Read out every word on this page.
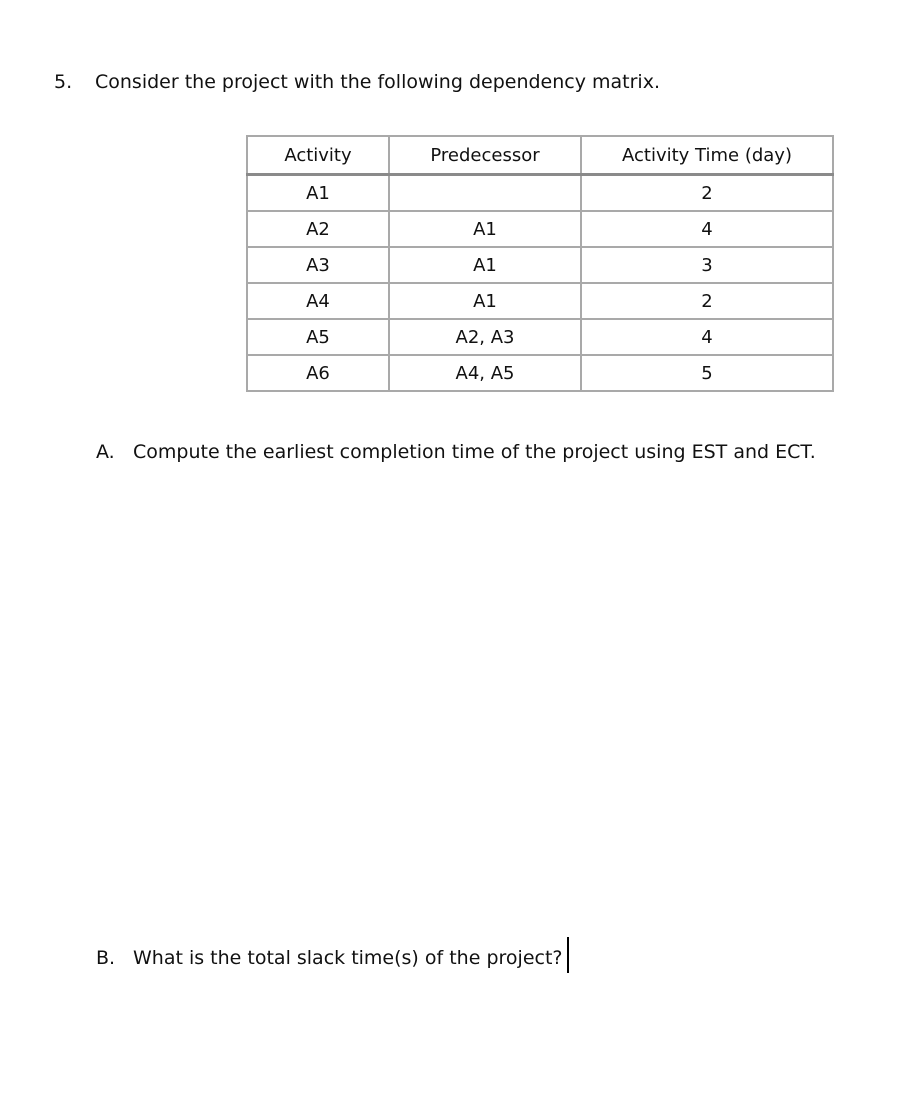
5. Consider the project with the following dependency matrix.
Activity	Predecessor	Activity Time (day)
A1		2
A2	A1	4
A3	A1	3
A4	A1	2
A5	A2, A3	4
A6	A4, A5	5
A. Compute the earliest completion time of the project using EST and ECT.
B. What is the total slack time(s) of the project?
